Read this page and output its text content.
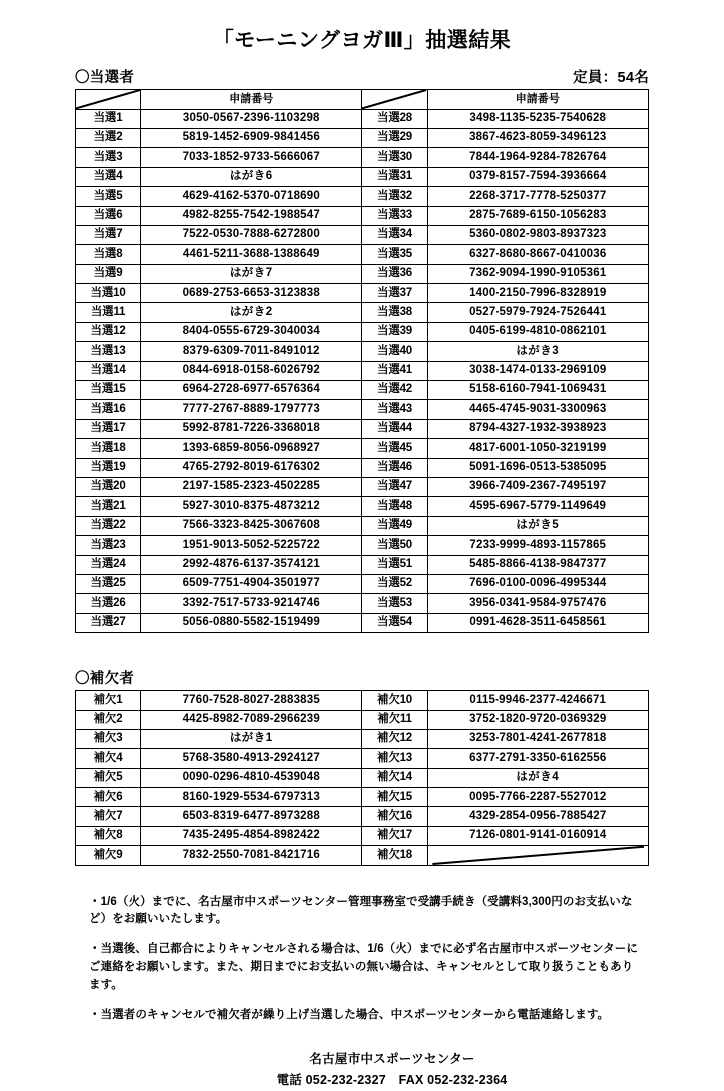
「モーニングヨガⅢ」抽選結果
〇当選者	定員：54名
	申請番号		申請番号
当選1	3050-0567-2396-1103298	当選28	3498-1135-5235-7540628
当選2	5819-1452-6909-9841456	当選29	3867-4623-8059-3496123
当選3	7033-1852-9733-5666067	当選30	7844-1964-9284-7826764
当選4	はがき6	当選31	0379-8157-7594-3936664
当選5	4629-4162-5370-0718690	当選32	2268-3717-7778-5250377
当選6	4982-8255-7542-1988547	当選33	2875-7689-6150-1056283
当選7	7522-0530-7888-6272800	当選34	5360-0802-9803-8937323
当選8	4461-5211-3688-1388649	当選35	6327-8680-8667-0410036
当選9	はがき7	当選36	7362-9094-1990-9105361
当選10	0689-2753-6653-3123838	当選37	1400-2150-7996-8328919
当選11	はがき2	当選38	0527-5979-7924-7526441
当選12	8404-0555-6729-3040034	当選39	0405-6199-4810-0862101
当選13	8379-6309-7011-8491012	当選40	はがき3
当選14	0844-6918-0158-6026792	当選41	3038-1474-0133-2969109
当選15	6964-2728-6977-6576364	当選42	5158-6160-7941-1069431
当選16	7777-2767-8889-1797773	当選43	4465-4745-9031-3300963
当選17	5992-8781-7226-3368018	当選44	8794-4327-1932-3938923
当選18	1393-6859-8056-0968927	当選45	4817-6001-1050-3219199
当選19	4765-2792-8019-6176302	当選46	5091-1696-0513-5385095
当選20	2197-1585-2323-4502285	当選47	3966-7409-2367-7495197
当選21	5927-3010-8375-4873212	当選48	4595-6967-5779-1149649
当選22	7566-3323-8425-3067608	当選49	はがき5
当選23	1951-9013-5052-5225722	当選50	7233-9999-4893-1157865
当選24	2992-4876-6137-3574121	当選51	5485-8866-4138-9847377
当選25	6509-7751-4904-3501977	当選52	7696-0100-0096-4995344
当選26	3392-7517-5733-9214746	当選53	3956-0341-9584-9757476
当選27	5056-0880-5582-1519499	当選54	0991-4628-3511-6458561
〇補欠者
補欠1	7760-7528-8027-2883835	補欠10	0115-9946-2377-4246671
補欠2	4425-8982-7089-2966239	補欠11	3752-1820-9720-0369329
補欠3	はがき1	補欠12	3253-7801-4241-2677818
補欠4	5768-3580-4913-2924127	補欠13	6377-2791-3350-6162556
補欠5	0090-0296-4810-4539048	補欠14	はがき4
補欠6	8160-1929-5534-6797313	補欠15	0095-7766-2287-5527012
補欠7	6503-8319-6477-8973288	補欠16	4329-2854-0956-7885427
補欠8	7435-2495-4854-8982422	補欠17	7126-0801-9141-0160914
補欠9	7832-2550-7081-8421716	補欠18	
・1/6（火）までに、名古屋市中スポーツセンター管理事務室で受講手続き（受講料3,300円のお支払いなど）をお願いいたします。
・当選後、自己都合によりキャンセルされる場合は、1/6（火）までに必ず名古屋市中スポーツセンターにご連絡をお願いします。また、期日までにお支払いの無い場合は、キャンセルとして取り扱うこともあります。
・当選者のキャンセルで補欠者が繰り上げ当選した場合、中スポーツセンターから電話連絡します。
名古屋市中スポーツセンター
電話 052-232-2327　FAX 052-232-2364
